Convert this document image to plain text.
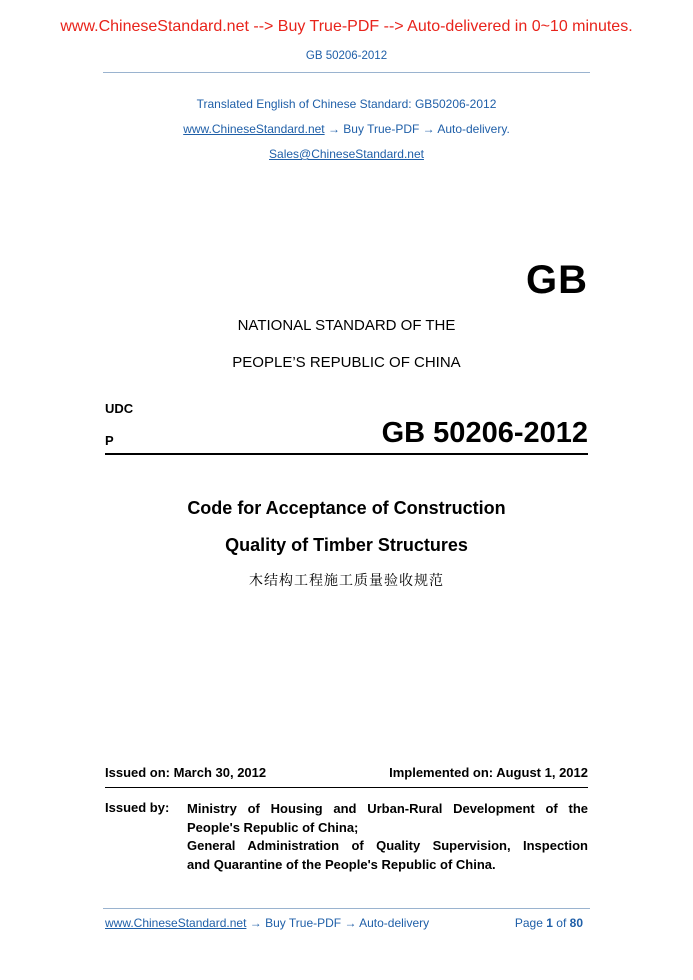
www.ChineseStandard.net --> Buy True-PDF --> Auto-delivered in 0~10 minutes.
GB 50206-2012
Translated English of Chinese Standard: GB50206-2012
www.ChineseStandard.net → Buy True-PDF → Auto-delivery.
Sales@ChineseStandard.net
GB
NATIONAL STANDARD OF THE
PEOPLE’S REPUBLIC OF CHINA
UDC
P	GB 50206-2012
Code for Acceptance of Construction
Quality of Timber Structures
木结构工程施工质量验收规范
Issued on: March 30, 2012	Implemented on: August 1, 2012
Issued by: Ministry of Housing and Urban-Rural Development of the
People's Republic of China;
General Administration of Quality Supervision, Inspection
and Quarantine of the People's Republic of China.
www.ChineseStandard.net → Buy True-PDF → Auto-delivery	Page 1 of 80
